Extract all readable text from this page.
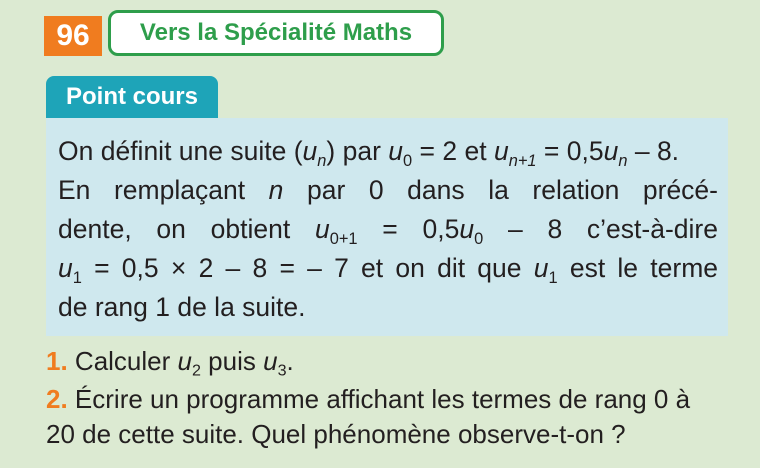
96	Vers la Spécialité Maths
Point cours
On définit une suite $(u_n)$ par $u_0 = 2$ et $u_{n+1} = 0,5u_n - 8$.
En remplaçant n par 0 dans la relation précé-
dente, on obtient $u_{0+1} = 0,5u_0 - 8$ c’est-à-dire
$u_1 = 0,5 \times 2 - 8$ = – 7 et on dit que $u_1$ est le terme
de rang 1 de la suite.
1. Calculer $u_2$ puis $u_3$.
2. Écrire un programme affichant les termes de rang 0 à
20 de cette suite. Quel phénomène observe-t-on ?
